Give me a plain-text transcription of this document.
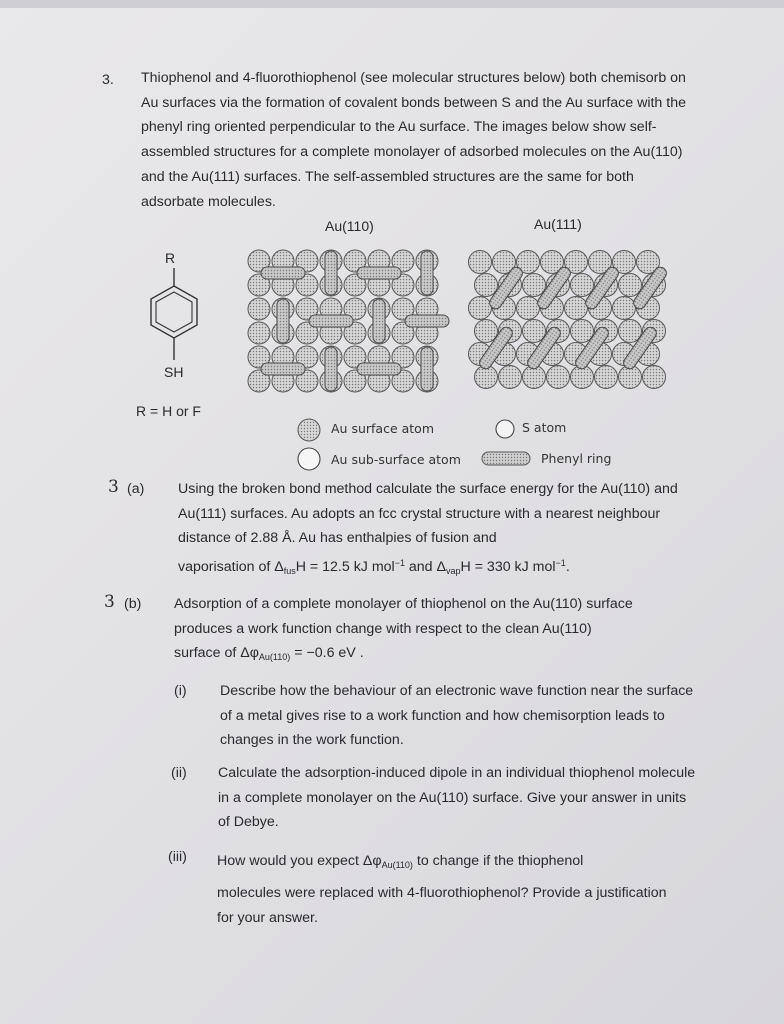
3. Thiophenol and 4-fluorothiophenol (see molecular structures below) both chemisorb on Au surfaces via the formation of covalent bonds between S and the Au surface with the phenyl ring oriented perpendicular to the Au surface. The images below show self-assembled structures for a complete monolayer of adsorbed molecules on the Au(110) and the Au(111) surfaces. The self-assembled structures are the same for both adsorbate molecules.
Au(110)	Au(111)
R
SH
R = H or F
Au surface atom	S atom
Au sub-surface atom	Phenyl ring
3 (a) Using the broken bond method calculate the surface energy for the Au(110) and Au(111) surfaces. Au adopts an fcc crystal structure with a nearest neighbour distance of 2.88 Å. Au has enthalpies of fusion and
vaporisation of $\Delta_{fus}H = 12.5$ kJ mol$^{-1}$ and $\Delta_{vap}H = 330$ kJ mol$^{-1}$.
3 (b) Adsorption of a complete monolayer of thiophenol on the Au(110) surface produces a work function change with respect to the clean Au(110)
surface of $\Delta\varphi_{Au(110)} = -0.6$ eV .
(i) Describe how the behaviour of an electronic wave function near the surface of a metal gives rise to a work function and how chemisorption leads to changes in the work function.
(ii) Calculate the adsorption-induced dipole in an individual thiophenol molecule in a complete monolayer on the Au(110) surface. Give your answer in units of Debye.
(iii) How would you expect $\Delta\varphi_{Au(110)}$ to change if the thiophenol
molecules were replaced with 4-fluorothiophenol? Provide a justification for your answer.
